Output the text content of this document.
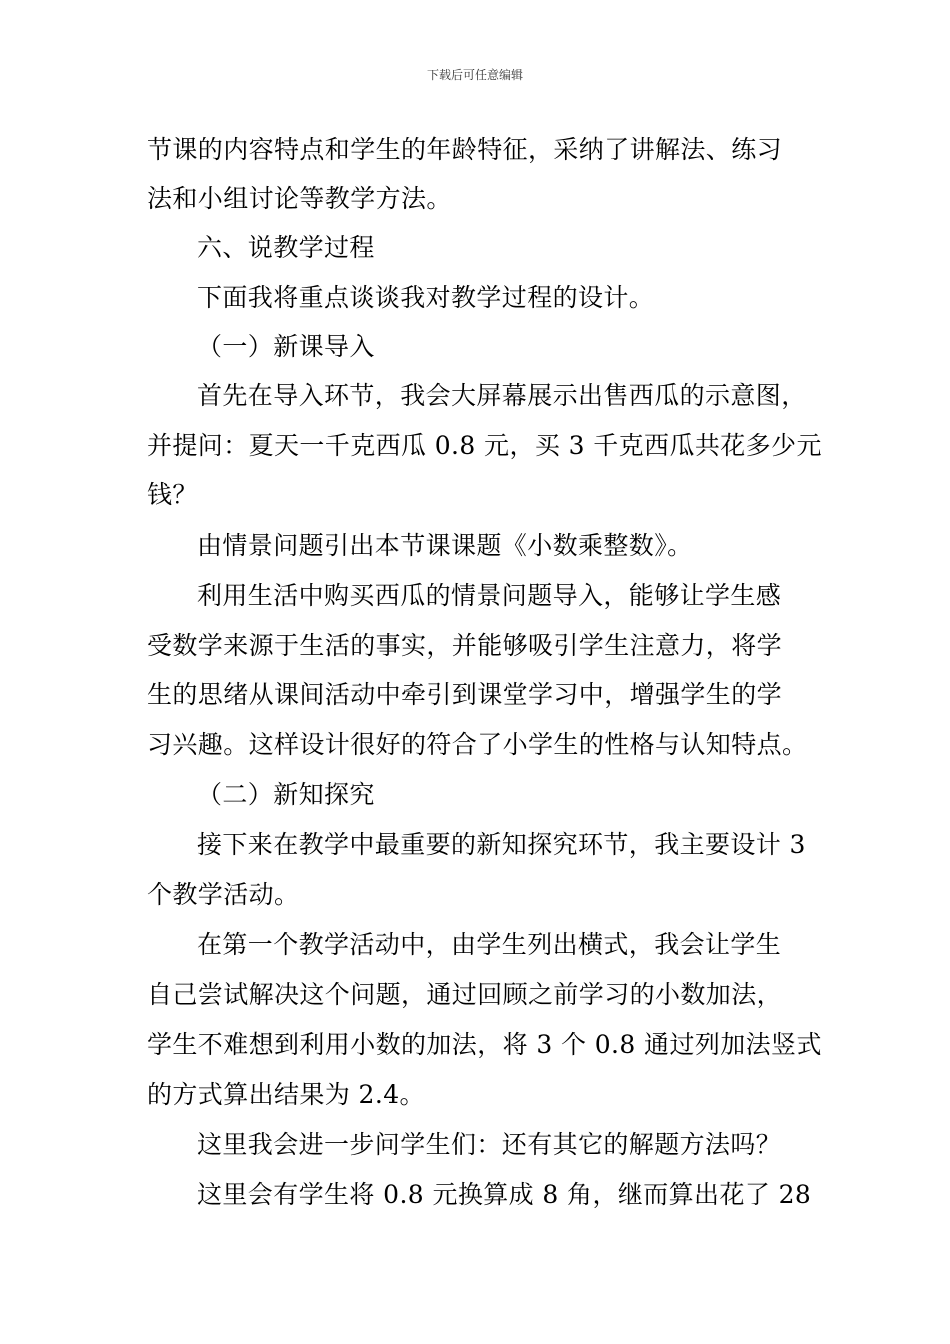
下载后可任意编辑
节课的内容特点和学生的年龄特征，采纳了讲解法、练习
法和小组讨论等教学方法。
六、说教学过程
下面我将重点谈谈我对教学过程的设计。
（一）新课导入
首先在导入环节，我会大屏幕展示出售西瓜的示意图，
并提问：夏天一千克西瓜 0.8 元，买 3 千克西瓜共花多少元
钱？
由情景问题引出本节课课题《小数乘整数》。
利用生活中购买西瓜的情景问题导入，能够让学生感
受数学来源于生活的事实，并能够吸引学生注意力，将学
生的思绪从课间活动中牵引到课堂学习中，增强学生的学
习兴趣。这样设计很好的符合了小学生的性格与认知特点。
（二）新知探究
接下来在教学中最重要的新知探究环节，我主要设计 3
个教学活动。
在第一个教学活动中，由学生列出横式，我会让学生
自己尝试解决这个问题，通过回顾之前学习的小数加法，
学生不难想到利用小数的加法，将 3 个 0.8 通过列加法竖式
的方式算出结果为 2.4。
这里我会进一步问学生们：还有其它的解题方法吗？
这里会有学生将 0.8 元换算成 8 角，继而算出花了 28
